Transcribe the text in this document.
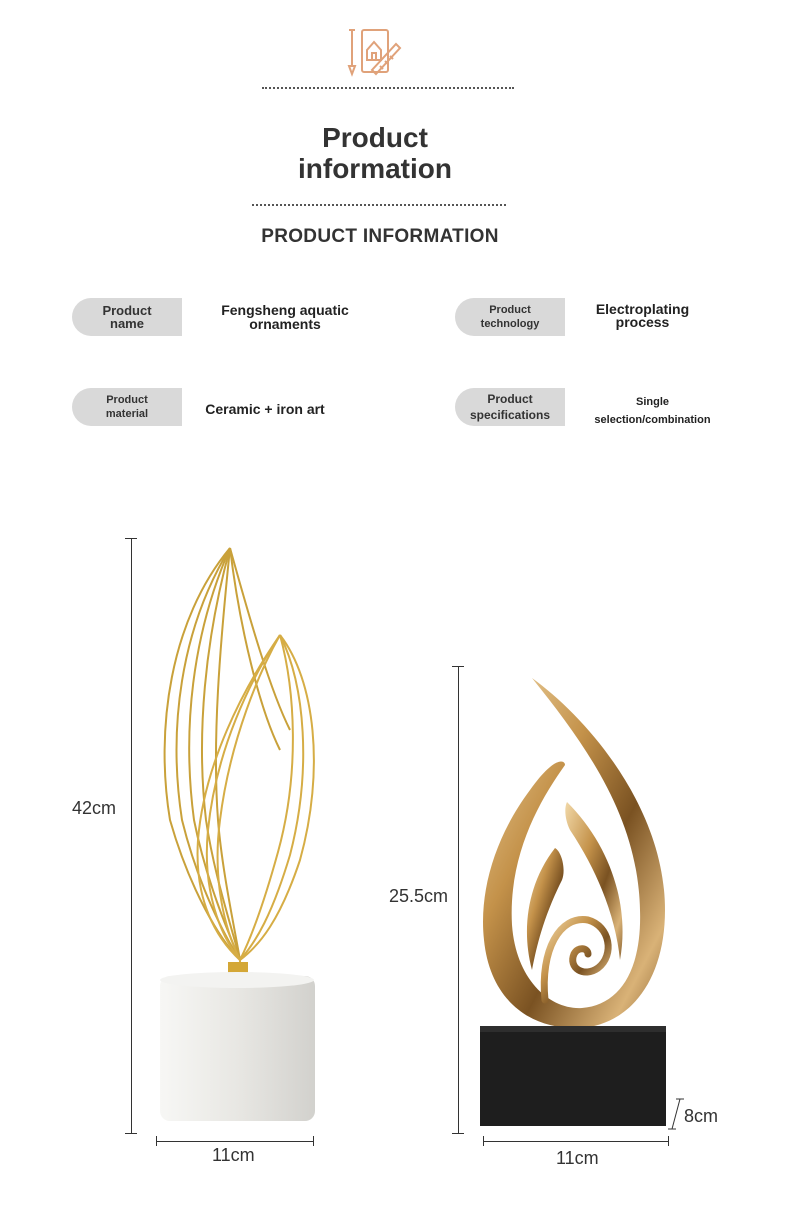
Product information
PRODUCT INFORMATION
Product
name
Fengsheng aquatic
ornaments
Product
technology
Electroplating
process
Product
material	Ceramic + iron art
Product
specifications
Single
selection/combination
42cm
11cm
25.5cm
11cm
8cm
